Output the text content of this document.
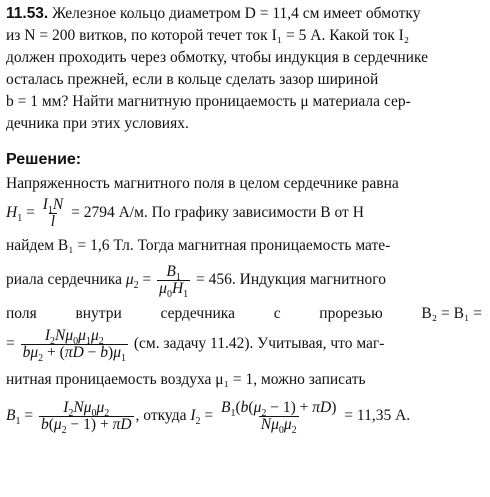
11.53. Железное кольцо диаметром D = 11,4 см имеет обмотку
из N = 200 витков, по которой течет ток I₁ = 5 А. Какой ток I₂
должен проходить через обмотку, чтобы индукция в сердечнике
осталась прежней, если в кольце сделать зазор шириной
b = 1 мм? Найти магнитную проницаемость μ материала сер-
дечника при этих условиях.
Решение:
Напряженность магнитного поля в целом сердечнике равна
$H_1 = \frac{I_1N}{l} = 2794$ А/м. По графику зависимости B от H
найдем B₁ = 1,6 Тл. Тогда магнитная проницаемость мате-
риала сердечника $\mu_2 = \frac{B_1}{\mu_0H_1} = 456$. Индукция магнитного
поля внутри сердечника с прорезью B₂ = B₁ =
= $\frac{I_2N\mu_0\mu_1\mu_2}{b\mu_2 + (\pi D - b)\mu_1} (см$. задачу 11.42). Учитывая, что маг-
нитная проницаемость воздуха μ₁ = 1, можно записать
$B_1 = \frac{I_2N\mu_0\mu_2}{b(\mu_2 - 1) + \pi D}$ , откуда $I_2 = \frac{B_1(b(\mu_2 - 1) + \pi D)}{N\mu_0\mu_2} = 11,35$ А.
